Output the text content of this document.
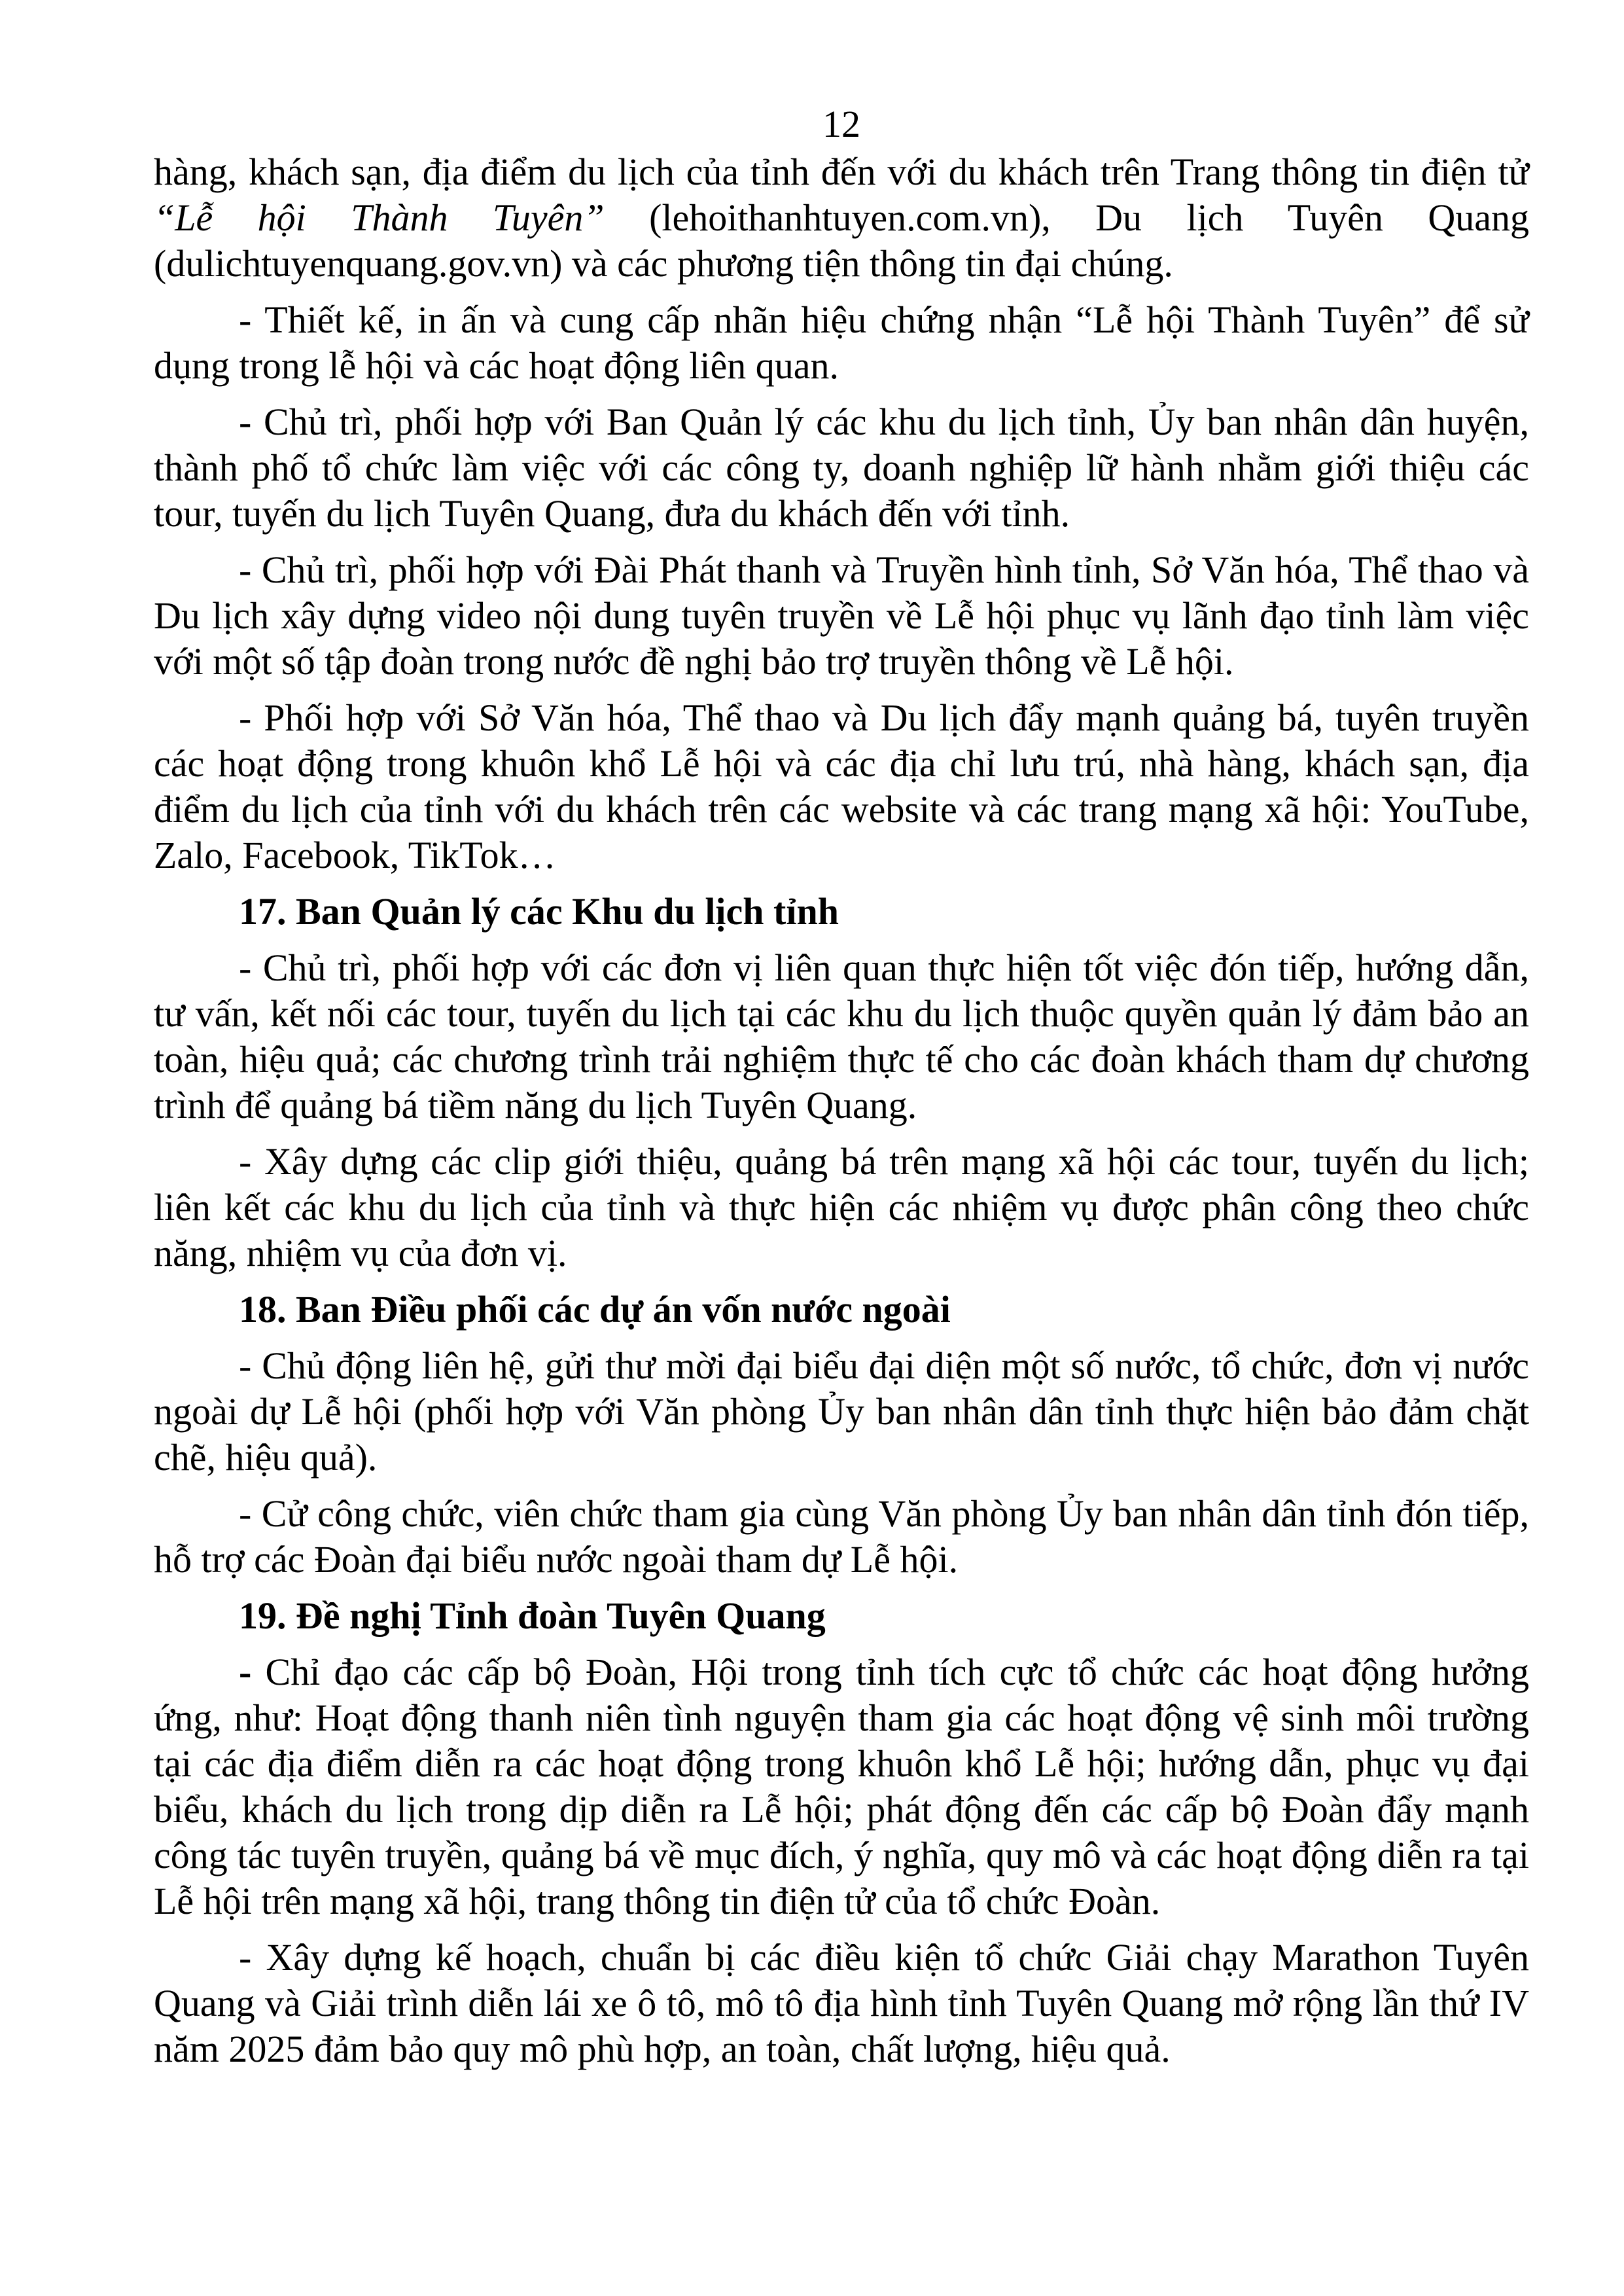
12

hàng, khách sạn, địa điểm du lịch của tỉnh đến với du khách trên Trang thông tin điện tử “Lễ hội Thành Tuyên” (lehoithanhtuyen.com.vn), Du lịch Tuyên Quang (dulichtuyenquang.gov.vn) và các phương tiện thông tin đại chúng.

- Thiết kế, in ấn và cung cấp nhãn hiệu chứng nhận “Lễ hội Thành Tuyên” để sử dụng trong lễ hội và các hoạt động liên quan.

- Chủ trì, phối hợp với Ban Quản lý các khu du lịch tỉnh, Ủy ban nhân dân huyện, thành phố tổ chức làm việc với các công ty, doanh nghiệp lữ hành nhằm giới thiệu các tour, tuyến du lịch Tuyên Quang, đưa du khách đến với tỉnh.

- Chủ trì, phối hợp với Đài Phát thanh và Truyền hình tỉnh, Sở Văn hóa, Thể thao và Du lịch xây dựng video nội dung tuyên truyền về Lễ hội phục vụ lãnh đạo tỉnh làm việc với một số tập đoàn trong nước đề nghị bảo trợ truyền thông về Lễ hội.

- Phối hợp với Sở Văn hóa, Thể thao và Du lịch đẩy mạnh quảng bá, tuyên truyền các hoạt động trong khuôn khổ Lễ hội và các địa chỉ lưu trú, nhà hàng, khách sạn, địa điểm du lịch của tỉnh với du khách trên các website và các trang mạng xã hội: YouTube, Zalo, Facebook, TikTok…

17. Ban Quản lý các Khu du lịch tỉnh

- Chủ trì, phối hợp với các đơn vị liên quan thực hiện tốt việc đón tiếp, hướng dẫn, tư vấn, kết nối các tour, tuyến du lịch tại các khu du lịch thuộc quyền quản lý đảm bảo an toàn, hiệu quả; các chương trình trải nghiệm thực tế cho các đoàn khách tham dự chương trình để quảng bá tiềm năng du lịch Tuyên Quang.

- Xây dựng các clip giới thiệu, quảng bá trên mạng xã hội các tour, tuyến du lịch; liên kết các khu du lịch của tỉnh và thực hiện các nhiệm vụ được phân công theo chức năng, nhiệm vụ của đơn vị.

18. Ban Điều phối các dự án vốn nước ngoài

- Chủ động liên hệ, gửi thư mời đại biểu đại diện một số nước, tổ chức, đơn vị nước ngoài dự Lễ hội (phối hợp với Văn phòng Ủy ban nhân dân tỉnh thực hiện bảo đảm chặt chẽ, hiệu quả).

- Cử công chức, viên chức tham gia cùng Văn phòng Ủy ban nhân dân tỉnh đón tiếp, hỗ trợ các Đoàn đại biểu nước ngoài tham dự Lễ hội.

19. Đề nghị Tỉnh đoàn Tuyên Quang

- Chỉ đạo các cấp bộ Đoàn, Hội trong tỉnh tích cực tổ chức các hoạt động hưởng ứng, như: Hoạt động thanh niên tình nguyện tham gia các hoạt động vệ sinh môi trường tại các địa điểm diễn ra các hoạt động trong khuôn khổ Lễ hội; hướng dẫn, phục vụ đại biểu, khách du lịch trong dịp diễn ra Lễ hội; phát động đến các cấp bộ Đoàn đẩy mạnh công tác tuyên truyền, quảng bá về mục đích, ý nghĩa, quy mô và các hoạt động diễn ra tại Lễ hội trên mạng xã hội, trang thông tin điện tử của tổ chức Đoàn.

- Xây dựng kế hoạch, chuẩn bị các điều kiện tổ chức Giải chạy Marathon Tuyên Quang và Giải trình diễn lái xe ô tô, mô tô địa hình tỉnh Tuyên Quang mở rộng lần thứ IV năm 2025 đảm bảo quy mô phù hợp, an toàn, chất lượng, hiệu quả.
